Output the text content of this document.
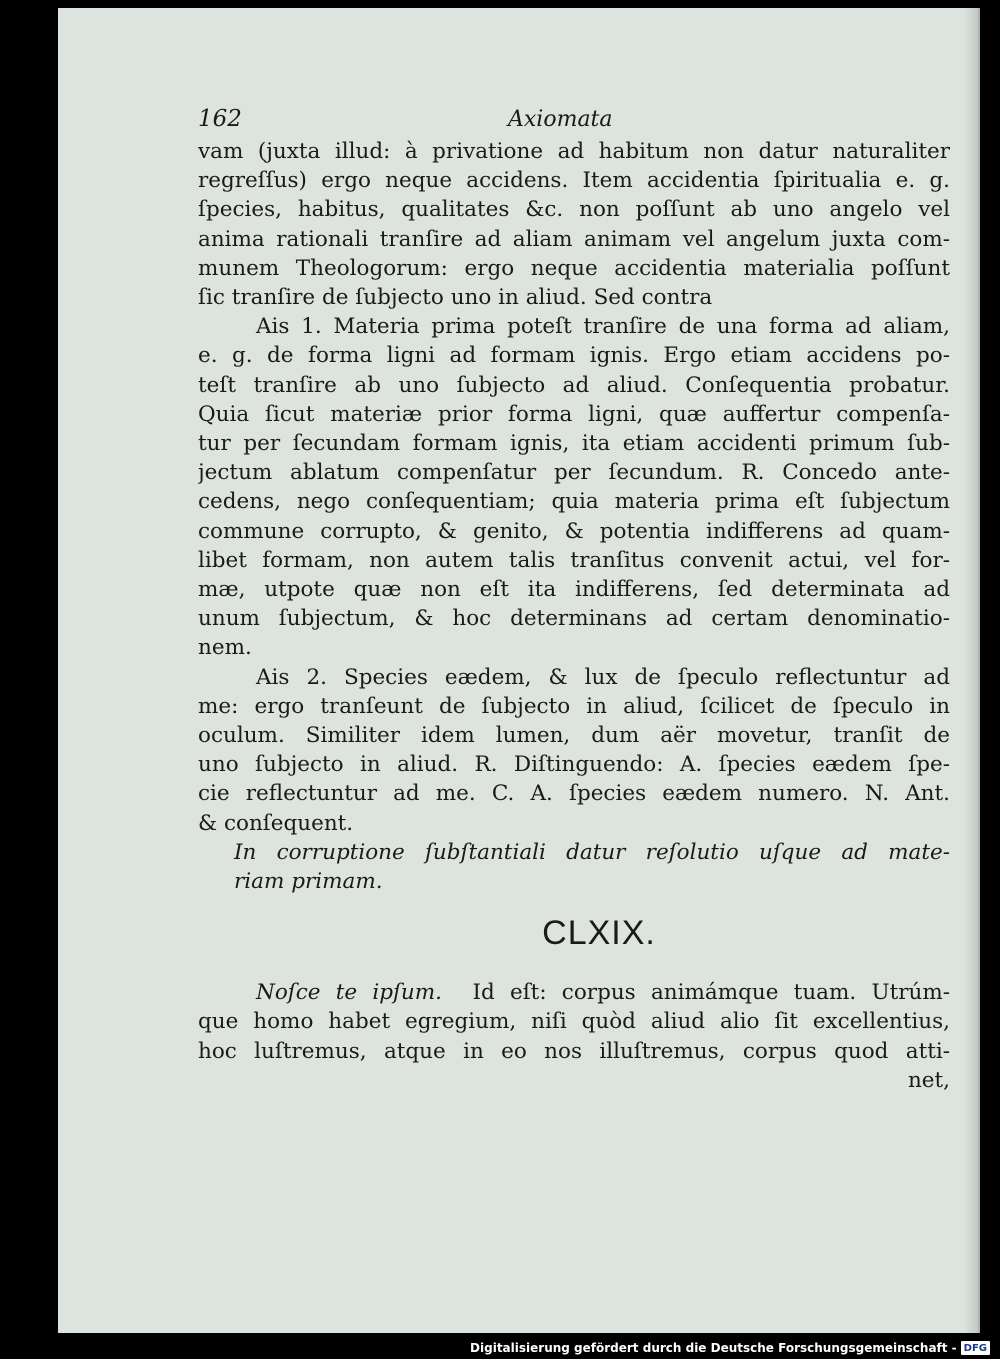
162	Axiomata
vam (juxta illud: à privatione ad habitum non datur naturaliter
regreſſus) ergo neque accidens. Item accidentia ſpiritualia e. g.
ſpecies, habitus, qualitates &c. non poſſunt ab uno angelo vel
anima rationali tranſire ad aliam animam vel angelum juxta com-
munem Theologorum: ergo neque accidentia materialia poſſunt
ſic tranſire de ſubjecto uno in aliud. Sed contra
Ais 1. Materia prima poteſt tranſire de una forma ad aliam,
e. g. de forma ligni ad formam ignis. Ergo etiam accidens po-
teſt tranſire ab uno ſubjecto ad aliud. Conſequentia probatur.
Quia ſicut materiæ prior forma ligni, quæ auffertur compenſa-
tur per ſecundam formam ignis, ita etiam accidenti primum ſub-
jectum ablatum compenſatur per ſecundum. R. Concedo ante-
cedens, nego conſequentiam; quia materia prima eſt ſubjectum
commune corrupto, & genito, & potentia indifferens ad quam-
libet formam, non autem talis tranſitus convenit actui, vel for-
mæ, utpote quæ non eſt ita indifferens, ſed determinata ad
unum ſubjectum, & hoc determinans ad certam denominatio-
nem.
Ais 2. Species eædem, & lux de ſpeculo reflectuntur ad
me: ergo tranſeunt de ſubjecto in aliud, ſcilicet de ſpeculo in
oculum. Similiter idem lumen, dum aër movetur, tranſit de
uno ſubjecto in aliud. R. Diſtinguendo: A. ſpecies eædem ſpe-
cie reflectuntur ad me. C. A. ſpecies eædem numero. N. Ant.
& conſequent.
In corruptione ſubſtantiali datur reſolutio uſque ad mate-
riam primam.
CLXIX.
Noſce te ipſum. Id eſt: corpus animámque tuam. Utrúm-
que homo habet egregium, niſi quòd aliud alio ſit excellentius,
hoc luſtremus, atque in eo nos illuſtremus, corpus quod atti-
net,
Digitalisierung gefördert durch die Deutsche Forschungsgemeinschaft - DFG
